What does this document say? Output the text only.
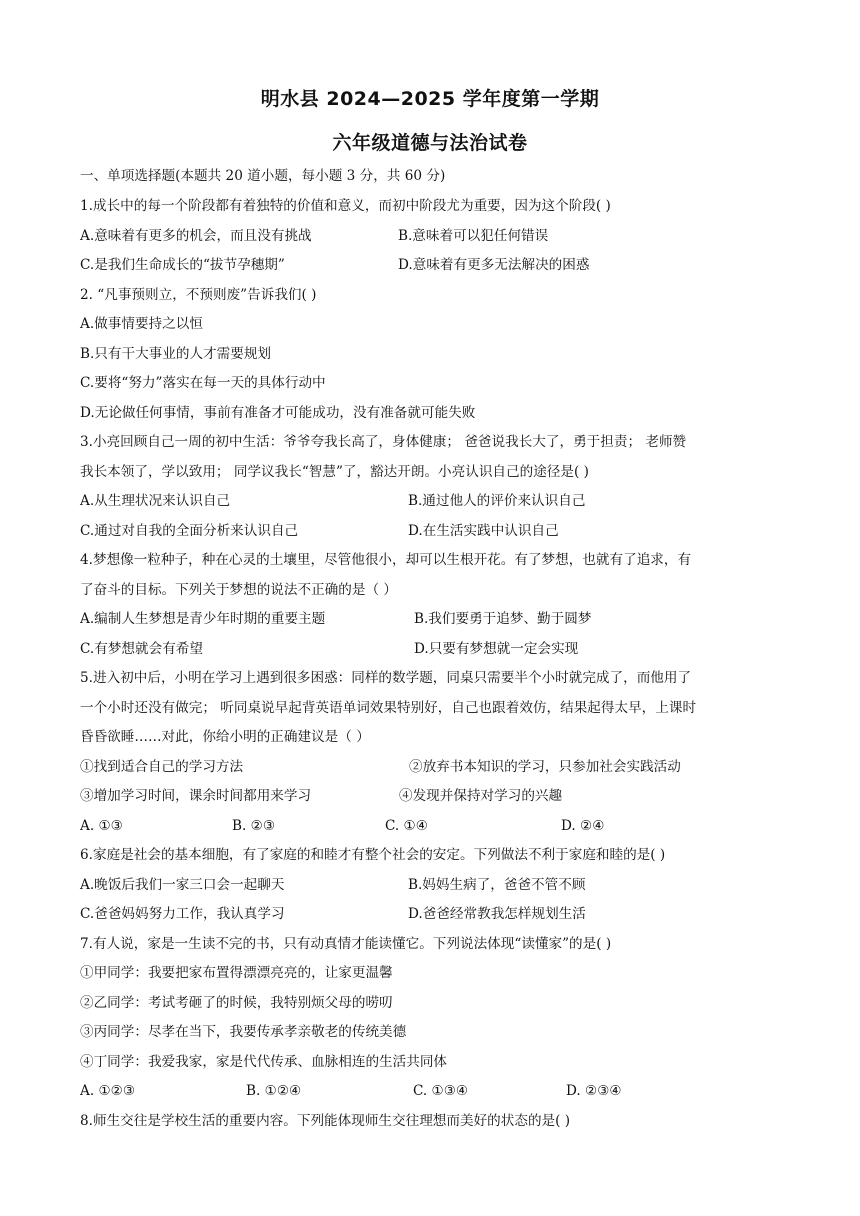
明水县 2024—2025 学年度第一学期
六年级道德与法治试卷
一、单项选择题(本题共 20 道小题，每小题 3 分，共 60 分)
1.成长中的每一个阶段都有着独特的价值和意义，而初中阶段尤为重要，因为这个阶段( )
A.意味着有更多的机会，而且没有挑战	B.意味着可以犯任何错误
C.是我们生命成长的“拔节孕穗期”	D.意味着有更多无法解决的困惑
2. “凡事预则立，不预则废”告诉我们( )
A.做事情要持之以恒
B.只有干大事业的人才需要规划
C.要将“努力”落实在每一天的具体行动中
D.无论做任何事情，事前有准备才可能成功，没有准备就可能失败
3.小亮回顾自己一周的初中生活：爷爷夸我长高了，身体健康； 爸爸说我长大了，勇于担责； 老师赞
我长本领了，学以致用； 同学议我长“智慧”了，豁达开朗。小亮认识自己的途径是( )
A.从生理状况来认识自己	B.通过他人的评价来认识自己
C.通过对自我的全面分析来认识自己	D.在生活实践中认识自己
4.梦想像一粒种子，种在心灵的土壤里，尽管他很小，却可以生根开花。有了梦想，也就有了追求，有
了奋斗的目标。下列关于梦想的说法不正确的是（ ）
A.编制人生梦想是青少年时期的重要主题	B.我们要勇于追梦、勤于圆梦
C.有梦想就会有希望	D.只要有梦想就一定会实现
5.进入初中后，小明在学习上遇到很多困惑：同样的数学题，同桌只需要半个小时就完成了，而他用了
一个小时还没有做完； 听同桌说早起背英语单词效果特别好，自己也跟着效仿，结果起得太早，上课时
昏昏欲睡……对此，你给小明的正确建议是（ ）
①找到适合自己的学习方法	②放弃书本知识的学习，只参加社会实践活动
③增加学习时间，课余时间都用来学习	④发现并保持对学习的兴趣
A. ①③	B. ②③	C. ①④	D. ②④
6.家庭是社会的基本细胞，有了家庭的和睦才有整个社会的安定。下列做法不利于家庭和睦的是( )
A.晚饭后我们一家三口会一起聊天	B.妈妈生病了，爸爸不管不顾
C.爸爸妈妈努力工作，我认真学习	D.爸爸经常教我怎样规划生活
7.有人说，家是一生读不完的书，只有动真情才能读懂它。下列说法体现“读懂家”的是( )
①甲同学：我要把家布置得漂漂亮亮的，让家更温馨
②乙同学：考试考砸了的时候，我特别烦父母的唠叨
③丙同学：尽孝在当下，我要传承孝亲敬老的传统美德
④丁同学：我爱我家，家是代代传承、血脉相连的生活共同体
A. ①②③	B. ①②④	C. ①③④	D. ②③④
8.师生交往是学校生活的重要内容。下列能体现师生交往理想而美好的状态的是( )
